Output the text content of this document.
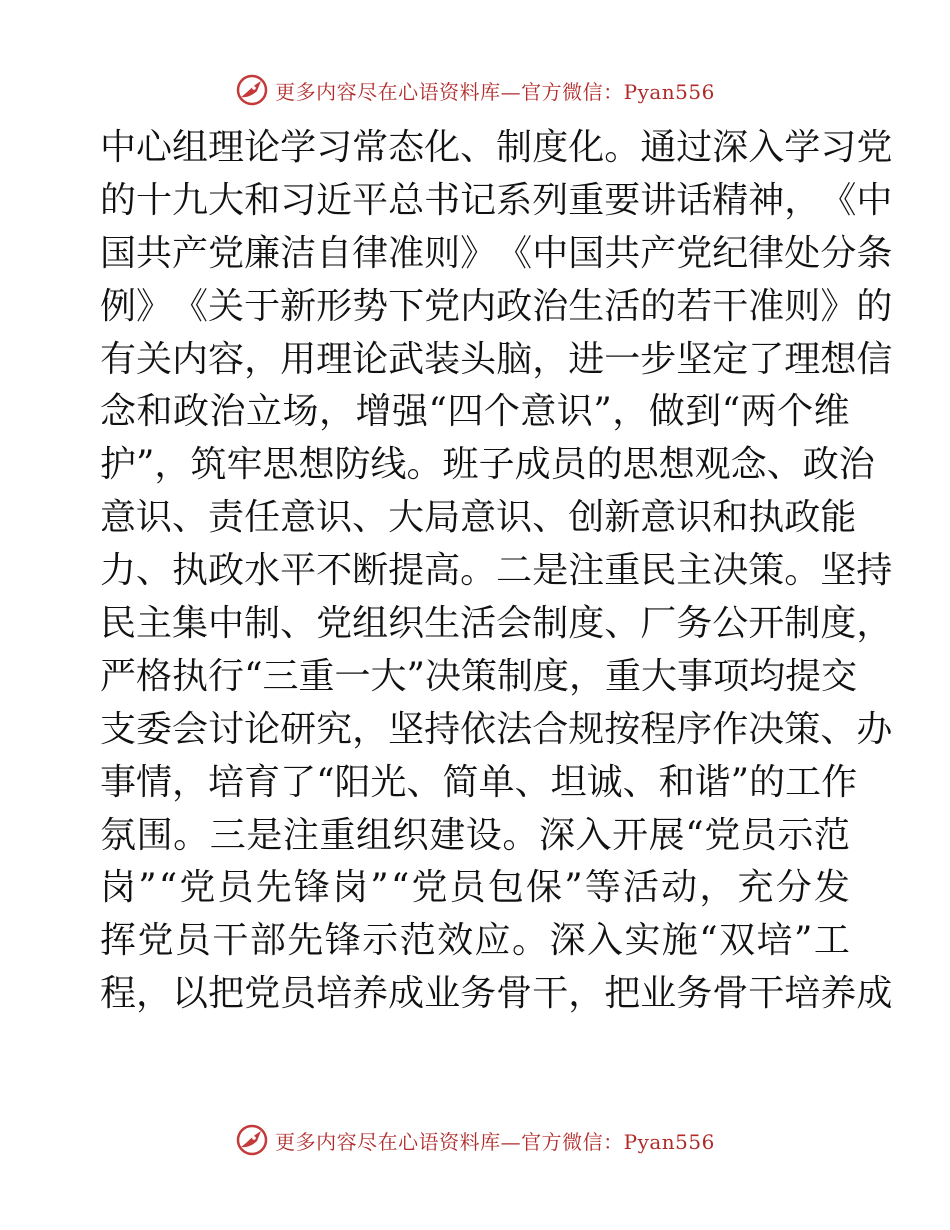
更多内容尽在心语资料库—官方微信：Pyan556
中 心 组 理 论 学 习 常 态 化 、 制 度 化 。 通 过 深 入 学 习 党
的 十 九 大 和 习 近 平 总 书 记 系 列 重 要 讲 话 精 神 ， 《 中
国 共 产 党 廉 洁 自 律 准 则 》 《 中 国 共 产 党 纪 律 处 分 条
例 》 《 关 于 新 形 势 下 党 内 政 治 生 活 的 若 干 准 则 》 的
有 关 内 容 ， 用 理 论 武 装 头 脑 ， 进 一 步 坚 定 了 理 想 信
念 和 政 治 立 场 ， 增 强 “ 四 个 意 识 ” ， 做 到 “ 两 个 维
护 ” ， 筑 牢 思 想 防 线 。 班 子 成 员 的 思 想 观 念 、 政 治
意 识 、 责 任 意 识 、 大 局 意 识 、 创 新 意 识 和 执 政 能
力 、 执 政 水 平 不 断 提 高 。 二 是 注 重 民 主 决 策 。 坚 持
民 主 集 中 制 、 党 组 织 生 活 会 制 度 、 厂 务 公 开 制 度 ，
严 格 执 行 “ 三 重 一 大 ” 决 策 制 度 ， 重 大 事 项 均 提 交
支 委 会 讨 论 研 究 ， 坚 持 依 法 合 规 按 程 序 作 决 策 、 办
事 情 ， 培 育 了 “ 阳 光 、 简 单 、 坦 诚 、 和 谐 ” 的 工 作
氛 围 。 三 是 注 重 组 织 建 设 。 深 入 开 展 “ 党 员 示 范
岗 ” “ 党 员 先 锋 岗 ” “ 党 员 包 保 ” 等 活 动 ， 充 分 发
挥 党 员 干 部 先 锋 示 范 效 应 。 深 入 实 施 “ 双 培 ” 工
程 ， 以 把 党 员 培 养 成 业 务 骨 干 ， 把 业 务 骨 干 培 养 成
更多内容尽在心语资料库—官方微信：Pyan556
